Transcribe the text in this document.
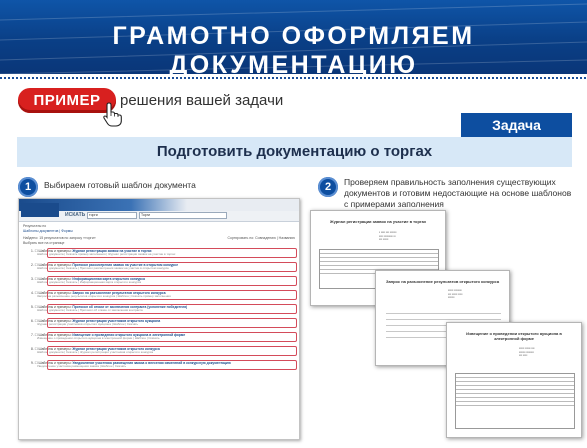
ГРАМОТНО ОФОРМЛЯЕМ ДОКУМЕНТАЦИЮ
ПРИМЕР	решения вашей задачи
Задача
Подготовить документацию о торгах
1	Выбираем готовый шаблон документа	2	Проверяем правильность заполнения существующих
документов и готовим недостающие на основе шаблонов
с примерами заполнения
ИСКАТЬ	торги	Торги
Результаты по
Шаблоны документов | Формы
Найдено: 15 результатов по запросу «торги»	Сортировать по: Совпадению | Названию
Выбрать все на странице
1. ☐ Шаблоны и примеры: Журнал регистрации заявок на участие в торгах
Шаблон документа | Скачать пример заполнения | Журнал регистрации заявок на участие в торгах
2. ☐ Шаблоны и примеры: Протокол рассмотрения заявок на участие в открытом конкурсе
Шаблон документа | Скачать | Протокол рассмотрения заявок на участие в открытом конкурсе
3. ☐ Шаблоны и примеры: Информационная карта открытого конкурса
Шаблон документа | Скачать | Информационная карта открытого конкурса
4. ☐ Шаблоны и примеры: Запрос на разъяснение результатов открытого конкурса
Запрос на разъяснение результатов открытого конкурса | Шаблон | Скачать пример заполнения
5. ☐ Шаблоны и примеры: Протокол об отказе от заключения контракта (уклонение победителя)
Шаблон документа | Скачать | Протокол об отказе от заключения контракта
6. ☐ Шаблоны и примеры: Журнал регистрации участников открытого аукциона
Журнал регистрации участников открытого аукциона | Шаблон | Скачать
7. ☐ Шаблоны и примеры: Извещение о проведении открытого аукциона в электронной форме
Извещение о проведении открытого аукциона в электронной форме | Шаблон | Скачать
8. ☐ Шаблоны и примеры: Журнал регистрации участников открытого конкурса
Шаблон документа | Скачать | Журнал регистрации участников открытого конкурса
9. ☐ Шаблоны и примеры: Уведомление участника размещения заказа о внесении изменений в конкурсную документацию
Уведомление участника размещения заказа | Шаблон | Скачать
Журнал регистрации заявок на участие в торгах
▪ ▪▪▪▪ ▪▪▪ ▪▪▪▪▪▪
▪▪▪▪ ▪▪▪▪▪▪▪▪ ▪▪
▪▪▪ ▪▪▪▪▪
Запрос на разъяснение результатов открытого конкурса
▪▪▪▪▪ ▪▪▪▪▪▪▪
▪▪▪ ▪▪▪▪▪ ▪▪▪▪
▪▪▪▪▪▪
Извещение о проведении открытого аукциона в электронной форме
▪▪▪▪▪ ▪▪▪▪▪ ▪▪▪
▪▪▪▪▪▪ ▪▪▪▪▪▪▪
▪▪▪ ▪▪▪▪
